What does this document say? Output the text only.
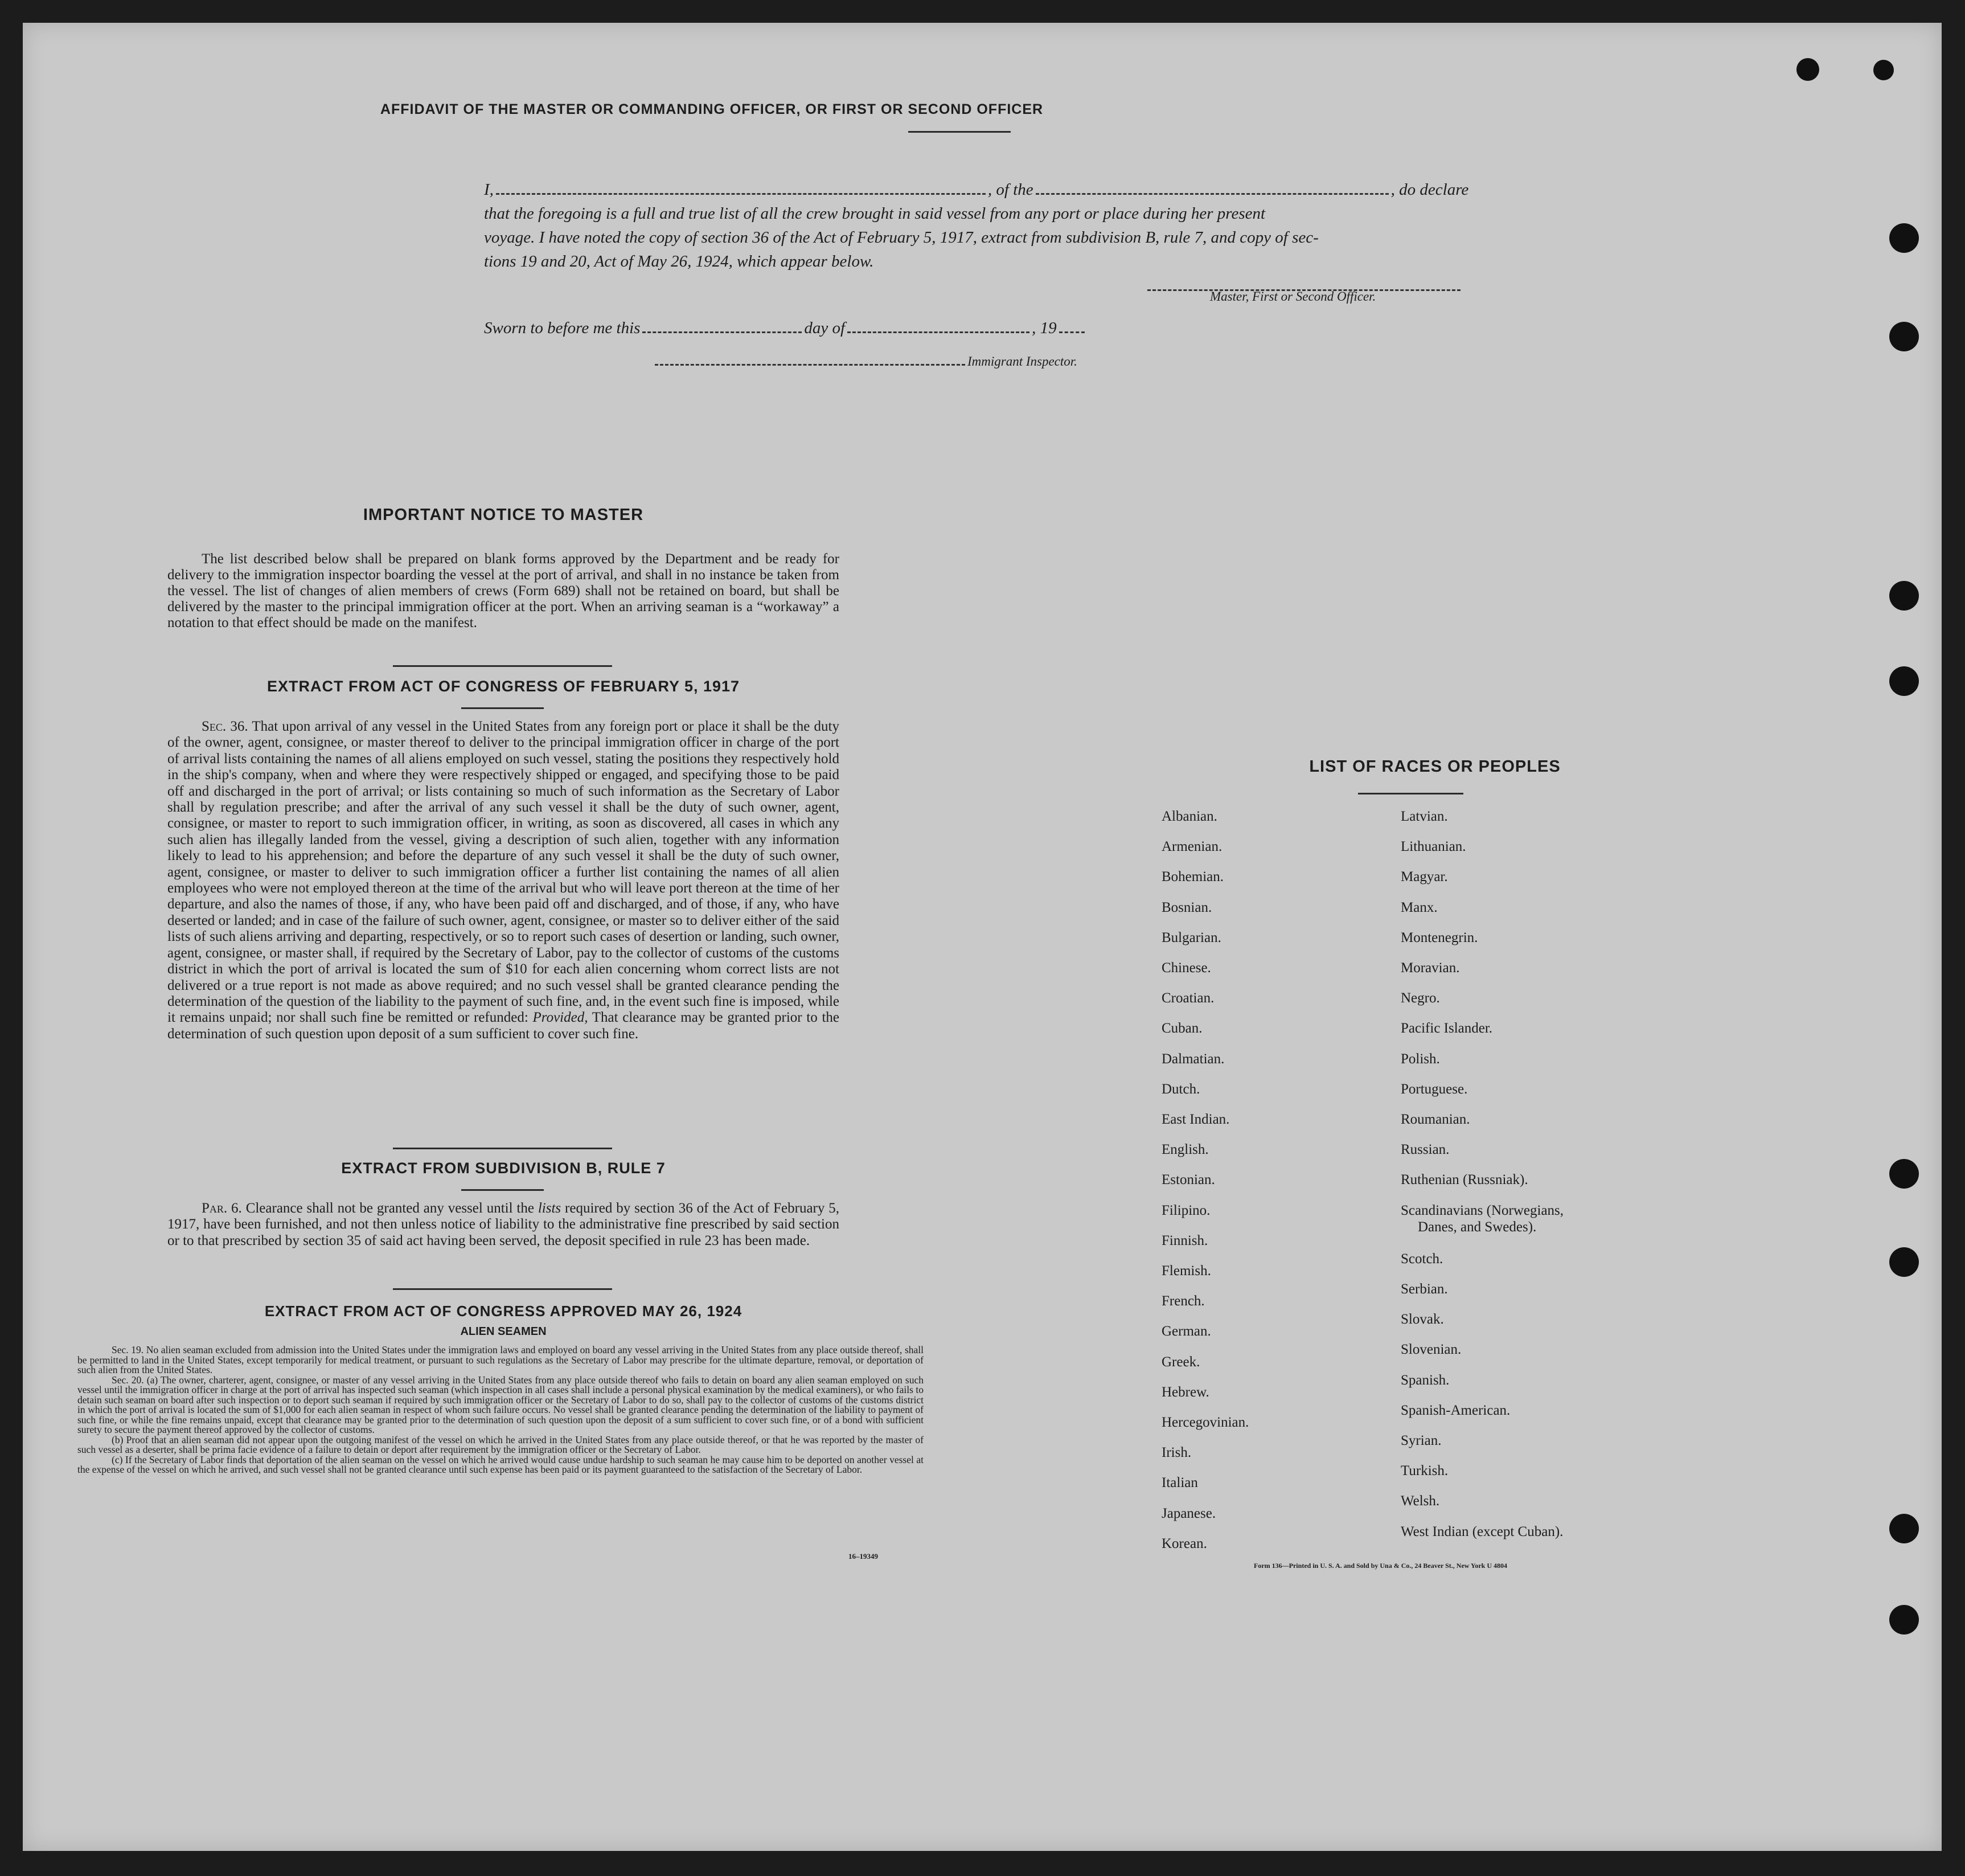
AFFIDAVIT OF THE MASTER OR COMMANDING OFFICER, OR FIRST OR SECOND OFFICER
I,	, of the	, do declare
that the foregoing is a full and true list of all the crew brought in said vessel from any port or place during her present
voyage. I have noted the copy of section 36 of the Act of February 5, 1917, extract from subdivision B, rule 7, and copy of sec-
tions 19 and 20, Act of May 26, 1924, which appear below.
Master, First or Second Officer.
Sworn to before me this	day of	, 19
Immigrant Inspector.
IMPORTANT NOTICE TO MASTER
The list described below shall be prepared on blank forms approved by the Department and be ready for delivery to the immigration inspector boarding the vessel at the port of arrival, and shall in no instance be taken from the vessel. The list of changes of alien members of crews (Form 689) shall not be retained on board, but shall be delivered by the master to the principal immigration officer at the port. When an arriving seaman is a “workaway” a notation to that effect should be made on the manifest.
EXTRACT FROM ACT OF CONGRESS OF FEBRUARY 5, 1917
Sec. 36. That upon arrival of any vessel in the United States from any foreign port or place it shall be the duty of the owner, agent, consignee, or master thereof to deliver to the principal immigration officer in charge of the port of arrival lists containing the names of all aliens employed on such vessel, stating the positions they respectively hold in the ship's company, when and where they were respectively shipped or engaged, and specifying those to be paid off and discharged in the port of arrival; or lists containing so much of such information as the Secretary of Labor shall by regulation prescribe; and after the arrival of any such vessel it shall be the duty of such owner, agent, consignee, or master to report to such immigration officer, in writing, as soon as discovered, all cases in which any such alien has illegally landed from the vessel, giving a description of such alien, together with any information likely to lead to his apprehension; and before the departure of any such vessel it shall be the duty of such owner, agent, consignee, or master to deliver to such immigration officer a further list containing the names of all alien employees who were not employed thereon at the time of the arrival but who will leave port thereon at the time of her departure, and also the names of those, if any, who have been paid off and discharged, and of those, if any, who have deserted or landed; and in case of the failure of such owner, agent, consignee, or master so to deliver either of the said lists of such aliens arriving and departing, respectively, or so to report such cases of desertion or landing, such owner, agent, consignee, or master shall, if required by the Secretary of Labor, pay to the collector of customs of the customs district in which the port of arrival is located the sum of $10 for each alien concerning whom correct lists are not delivered or a true report is not made as above required; and no such vessel shall be granted clearance pending the determination of the question of the liability to the payment of such fine, and, in the event such fine is imposed, while it remains unpaid; nor shall such fine be remitted or refunded: Provided, That clearance may be granted prior to the determination of such question upon deposit of a sum sufficient to cover such fine.
EXTRACT FROM SUBDIVISION B, RULE 7
Par. 6. Clearance shall not be granted any vessel until the lists required by section 36 of the Act of February 5, 1917, have been furnished, and not then unless notice of liability to the administrative fine prescribed by said section or to that prescribed by section 35 of said act having been served, the deposit specified in rule 23 has been made.
EXTRACT FROM ACT OF CONGRESS APPROVED MAY 26, 1924
ALIEN SEAMEN
Sec. 19. No alien seaman excluded from admission into the United States under the immigration laws and employed on board any vessel arriving in the United States from any place outside thereof, shall be permitted to land in the United States, except temporarily for medical treatment, or pursuant to such regulations as the Secretary of Labor may prescribe for the ultimate departure, removal, or deportation of such alien from the United States.
Sec. 20. (a) The owner, charterer, agent, consignee, or master of any vessel arriving in the United States from any place outside thereof who fails to detain on board any alien seaman employed on such vessel until the immigration officer in charge at the port of arrival has inspected such seaman (which inspection in all cases shall include a personal physical examination by the medical examiners), or who fails to detain such seaman on board after such inspection or to deport such seaman if required by such immigration officer or the Secretary of Labor to do so, shall pay to the collector of customs of the customs district in which the port of arrival is located the sum of $1,000 for each alien seaman in respect of whom such failure occurs. No vessel shall be granted clearance pending the determination of the liability to payment of such fine, or while the fine remains unpaid, except that clearance may be granted prior to the determination of such question upon the deposit of a sum sufficient to cover such fine, or of a bond with sufficient surety to secure the payment thereof approved by the collector of customs.
(b) Proof that an alien seaman did not appear upon the outgoing manifest of the vessel on which he arrived in the United States from any place outside thereof, or that he was reported by the master of such vessel as a deserter, shall be prima facie evidence of a failure to detain or deport after requirement by the immigration officer or the Secretary of Labor.
(c) If the Secretary of Labor finds that deportation of the alien seaman on the vessel on which he arrived would cause undue hardship to such seaman he may cause him to be deported on another vessel at the expense of the vessel on which he arrived, and such vessel shall not be granted clearance until such expense has been paid or its payment guaranteed to the satisfaction of the Secretary of Labor.
16–19349
LIST OF RACES OR PEOPLES
Albanian.
Armenian.
Bohemian.
Bosnian.
Bulgarian.
Chinese.
Croatian.
Cuban.
Dalmatian.
Dutch.
East Indian.
English.
Estonian.
Filipino.
Finnish.
Flemish.
French.
German.
Greek.
Hebrew.
Hercegovinian.
Irish.
Italian
Japanese.
Korean.
Latvian.
Lithuanian.
Magyar.
Manx.
Montenegrin.
Moravian.
Negro.
Pacific Islander.
Polish.
Portuguese.
Roumanian.
Russian.
Ruthenian (Russniak).
Scandinavians (Norwegians,
Danes, and Swedes).
Scotch.
Serbian.
Slovak.
Slovenian.
Spanish.
Spanish-American.
Syrian.
Turkish.
Welsh.
West Indian (except Cuban).
Form 136—Printed in U. S. A. and Sold by Una & Co., 24 Beaver St., New York U 4804
